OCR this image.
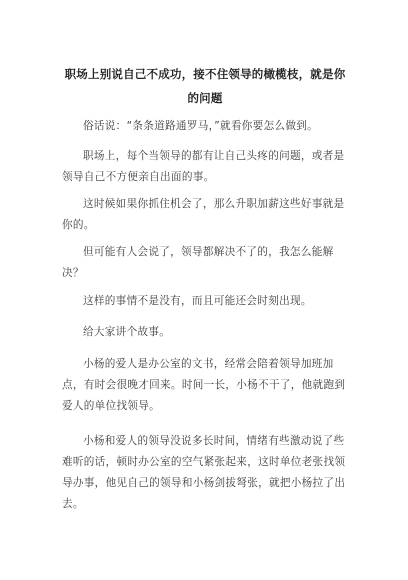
职场上别说自己不成功，接不住领导的橄榄枝，就是你的问题

俗话说：“条条道路通罗马，”就看你要怎么做到。

职场上，每个当领导的都有让自己头疼的问题，或者是领导自己不方便亲自出面的事。

这时候如果你抓住机会了，那么升职加薪这些好事就是你的。

但可能有人会说了，领导都解决不了的，我怎么能解决？

这样的事情不是没有，而且可能还会时刻出现。

给大家讲个故事。

小杨的爱人是办公室的文书，经常会陪着领导加班加点，有时会很晚才回来。时间一长，小杨不干了，他就跑到爱人的单位找领导。

小杨和爱人的领导没说多长时间，情绪有些激动说了些难听的话，顿时办公室的空气紧张起来，这时单位老张找领导办事，他见自己的领导和小杨剑拔弩张，就把小杨拉了出去。
